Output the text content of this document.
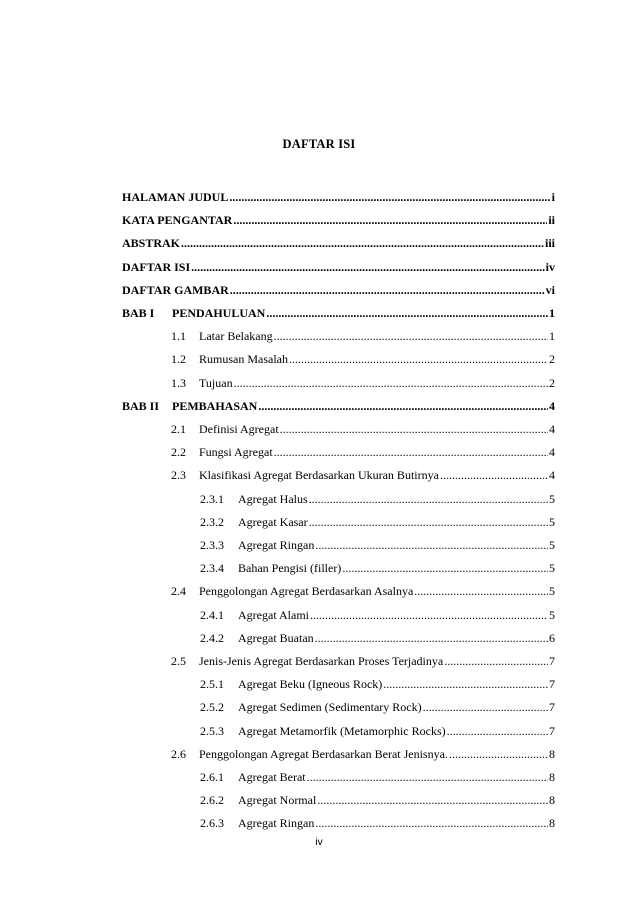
DAFTAR ISI
HALAMAN JUDUL .....	i
KATA PENGANTAR .....	ii
ABSTRAK .....	iii
DAFTAR ISI .....	iv
DAFTAR GAMBAR .....	vi
BAB I	PENDAHULUAN .....	1
1.1	Latar Belakang .....	1
1.2	Rumusan Masalah .....	2
1.3	Tujuan .....	2
BAB II	PEMBAHASAN .....	4
2.1	Definisi Agregat .....	4
2.2	Fungsi Agregat .....	4
2.3	Klasifikasi Agregat Berdasarkan Ukuran Butirnya .....	4
2.3.1	Agregat Halus .....	5
2.3.2	Agregat Kasar .....	5
2.3.3	Agregat Ringan .....	5
2.3.4	Bahan Pengisi (filler) .....	5
2.4	Penggolongan Agregat Berdasarkan Asalnya .....	5
2.4.1	Agregat Alami .....	5
2.4.2	Agregat Buatan .....	6
2.5	Jenis-Jenis Agregat Berdasarkan Proses Terjadinya .....	7
2.5.1	Agregat Beku (Igneous Rock) .....	7
2.5.2	Agregat Sedimen (Sedimentary Rock) .....	7
2.5.3	Agregat Metamorfik (Metamorphic Rocks) .....	7
2.6	Penggolongan Agregat Berdasarkan Berat Jenisnya. .....	8
2.6.1	Agregat Berat .....	8
2.6.2	Agregat Normal .....	8
2.6.3	Agregat Ringan .....	8
iv
